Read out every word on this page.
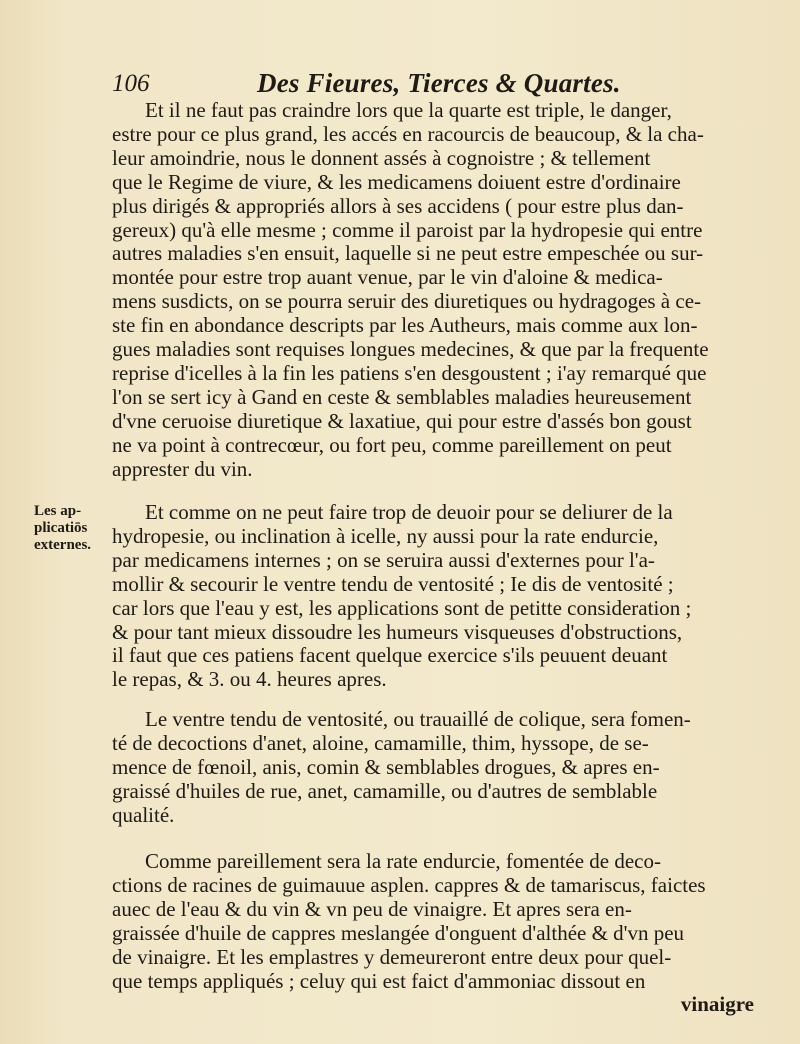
106	Des Fieures, Tierces & Quartes.
Les ap-
plicatiōs
externes.

Et il ne faut pas craindre lors que la quarte est triple, le danger,

estre pour ce plus grand, les accés en racourcis de beaucoup, & la cha-

leur amoindrie, nous le donnent assés à cognoistre ; & tellement

que le Regime de viure, & les medicamens doiuent estre d'ordinaire

plus dirigés & appropriés allors à ses accidens ( pour estre plus dan-

gereux) qu'à elle mesme ; comme il paroist par la hydropesie qui entre

autres maladies s'en ensuit, laquelle si ne peut estre empeschée ou sur-

montée pour estre trop auant venue, par le vin d'aloine & medica-

mens susdicts, on se pourra seruir des diuretiques ou hydragoges à ce-

ste fin en abondance descripts par les Autheurs, mais comme aux lon-

gues maladies sont requises longues medecines, & que par la frequente

reprise d'icelles à la fin les patiens s'en desgoustent ; i'ay remarqué que

l'on se sert icy à Gand en ceste & semblables maladies heureusement

d'vne ceruoise diuretique & laxatiue, qui pour estre d'assés bon goust

ne va point à contrecœur, ou fort peu, comme pareillement on peut

apprester du vin.

Et comme on ne peut faire trop de deuoir pour se deliurer de la

hydropesie, ou inclination à icelle, ny aussi pour la rate endurcie,

par medicamens internes ; on se seruira aussi d'externes pour l'a-

mollir & secourir le ventre tendu de ventosité ; Ie dis de ventosité ;

car lors que l'eau y est, les applications sont de petitte consideration ;

& pour tant mieux dissoudre les humeurs visqueuses d'obstructions,

il faut que ces patiens facent quelque exercice s'ils peuuent deuant

le repas, & 3. ou 4. heures apres.

Le ventre tendu de ventosité, ou trauaillé de colique, sera fomen-

té de decoctions d'anet, aloine, camamille, thim, hyssope, de se-

mence de fœnoil, anis, comin & semblables drogues, & apres en-

graissé d'huiles de rue, anet, camamille, ou d'autres de semblable

qualité.

Comme pareillement sera la rate endurcie, fomentée de deco-

ctions de racines de guimauue asplen. cappres & de tamariscus, faictes

auec de l'eau & du vin & vn peu de vinaigre. Et apres sera en-

graissée d'huile de cappres meslangée d'onguent d'althée & d'vn peu

de vinaigre. Et les emplastres y demeureront entre deux pour quel-

que temps appliqués ; celuy qui est faict d'ammoniac dissout en

vinaigre
